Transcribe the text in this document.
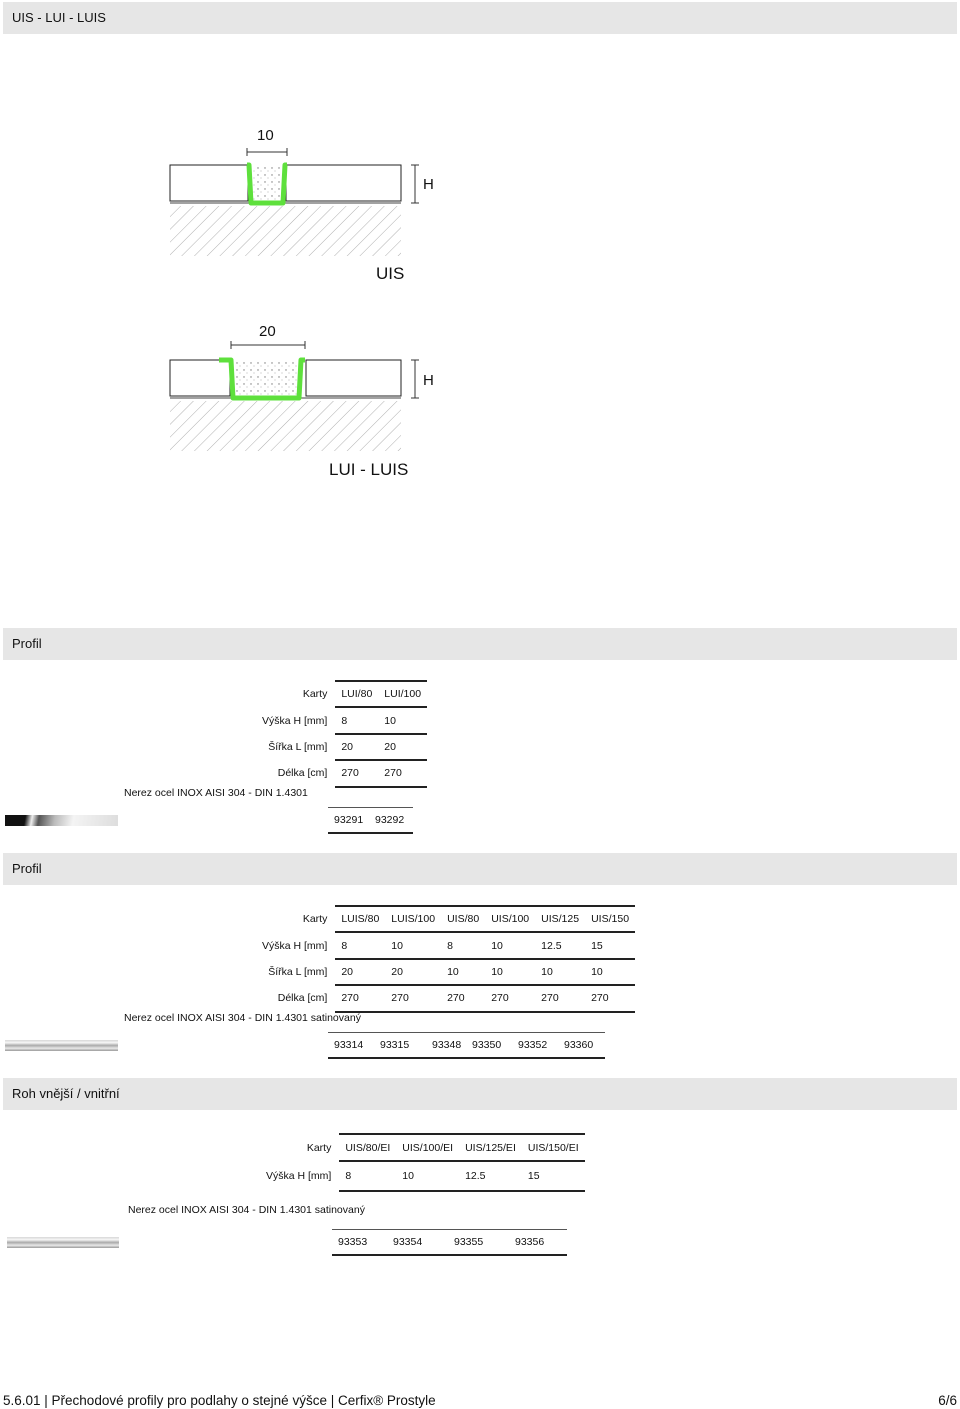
UIS - LUI - LUIS
10
H
UIS
20
H
LUI - LUIS
Profil
Karty	LUI/80	LUI/100
Výška H [mm]	8	10
Šířka L [mm]	20	20
Délka [cm]	270	270
Nerez ocel INOX AISI 304 - DIN 1.4301
93291	93292
Profil
Karty	LUIS/80	LUIS/100	UIS/80	UIS/100	UIS/125	UIS/150
Výška H [mm]	8	10	8	10	12.5	15
Šířka L [mm]	20	20	10	10	10	10
Délka [cm]	270	270	270	270	270	270
Nerez ocel INOX AISI 304 - DIN 1.4301 satinovaný
93314	93315	93348	93350	93352	93360
Roh vnější / vnitřní
Karty	UIS/80/EI	UIS/100/EI	UIS/125/EI	UIS/150/EI
Výška H [mm]	8	10	12.5	15
Nerez ocel INOX AISI 304 - DIN 1.4301 satinovaný
93353	93354	93355	93356
5.6.01 | Přechodové profily pro podlahy o stejné výšce | Cerfix® Prostyle	6/6
